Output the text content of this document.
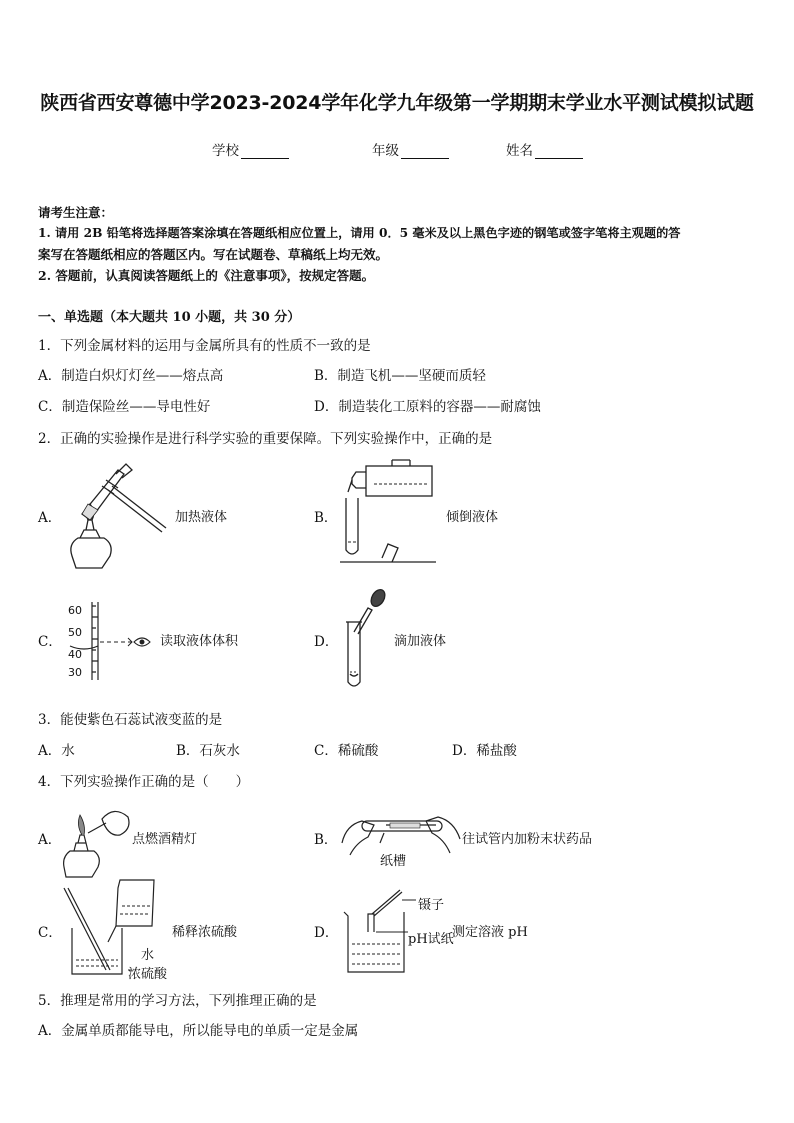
陕西省西安尊德中学2023-2024学年化学九年级第一学期期末学业水平测试模拟试题
学校	年级	姓名
请考生注意：
1. 请用 2B 铅笔将选择题答案涂填在答题纸相应位置上，请用 0．5 毫米及以上黑色字迹的钢笔或签字笔将主观题的答
案写在答题纸相应的答题区内。写在试题卷、草稿纸上均无效。
2. 答题前，认真阅读答题纸上的《注意事项》，按规定答题。
一、单选题（本大题共 10 小题，共 30 分）
1．下列金属材料的运用与金属所具有的性质不一致的是
A．制造白炽灯灯丝——熔点高	B．制造飞机——坚硬而质轻
C．制造保险丝——导电性好	D．制造装化工原料的容器——耐腐蚀
2．正确的实验操作是进行科学实验的重要保障。下列实验操作中，正确的是
A．	加热液体	B．	倾倒液体
C．
60
50
40
30
读取液体体积	D．	滴加液体
3．能使紫色石蕊试液变蓝的是
A．水	B．石灰水	C．稀硫酸	D．稀盐酸
4．下列实验操作正确的是（　　）
A．	点燃酒精灯	B．	往试管内加粉末状药品
纸槽
C．	稀释浓硫酸
水
浓硫酸
D．
镊子
pH试纸
测定溶液 pH
5．推理是常用的学习方法，下列推理正确的是
A．金属单质都能导电，所以能导电的单质一定是金属
